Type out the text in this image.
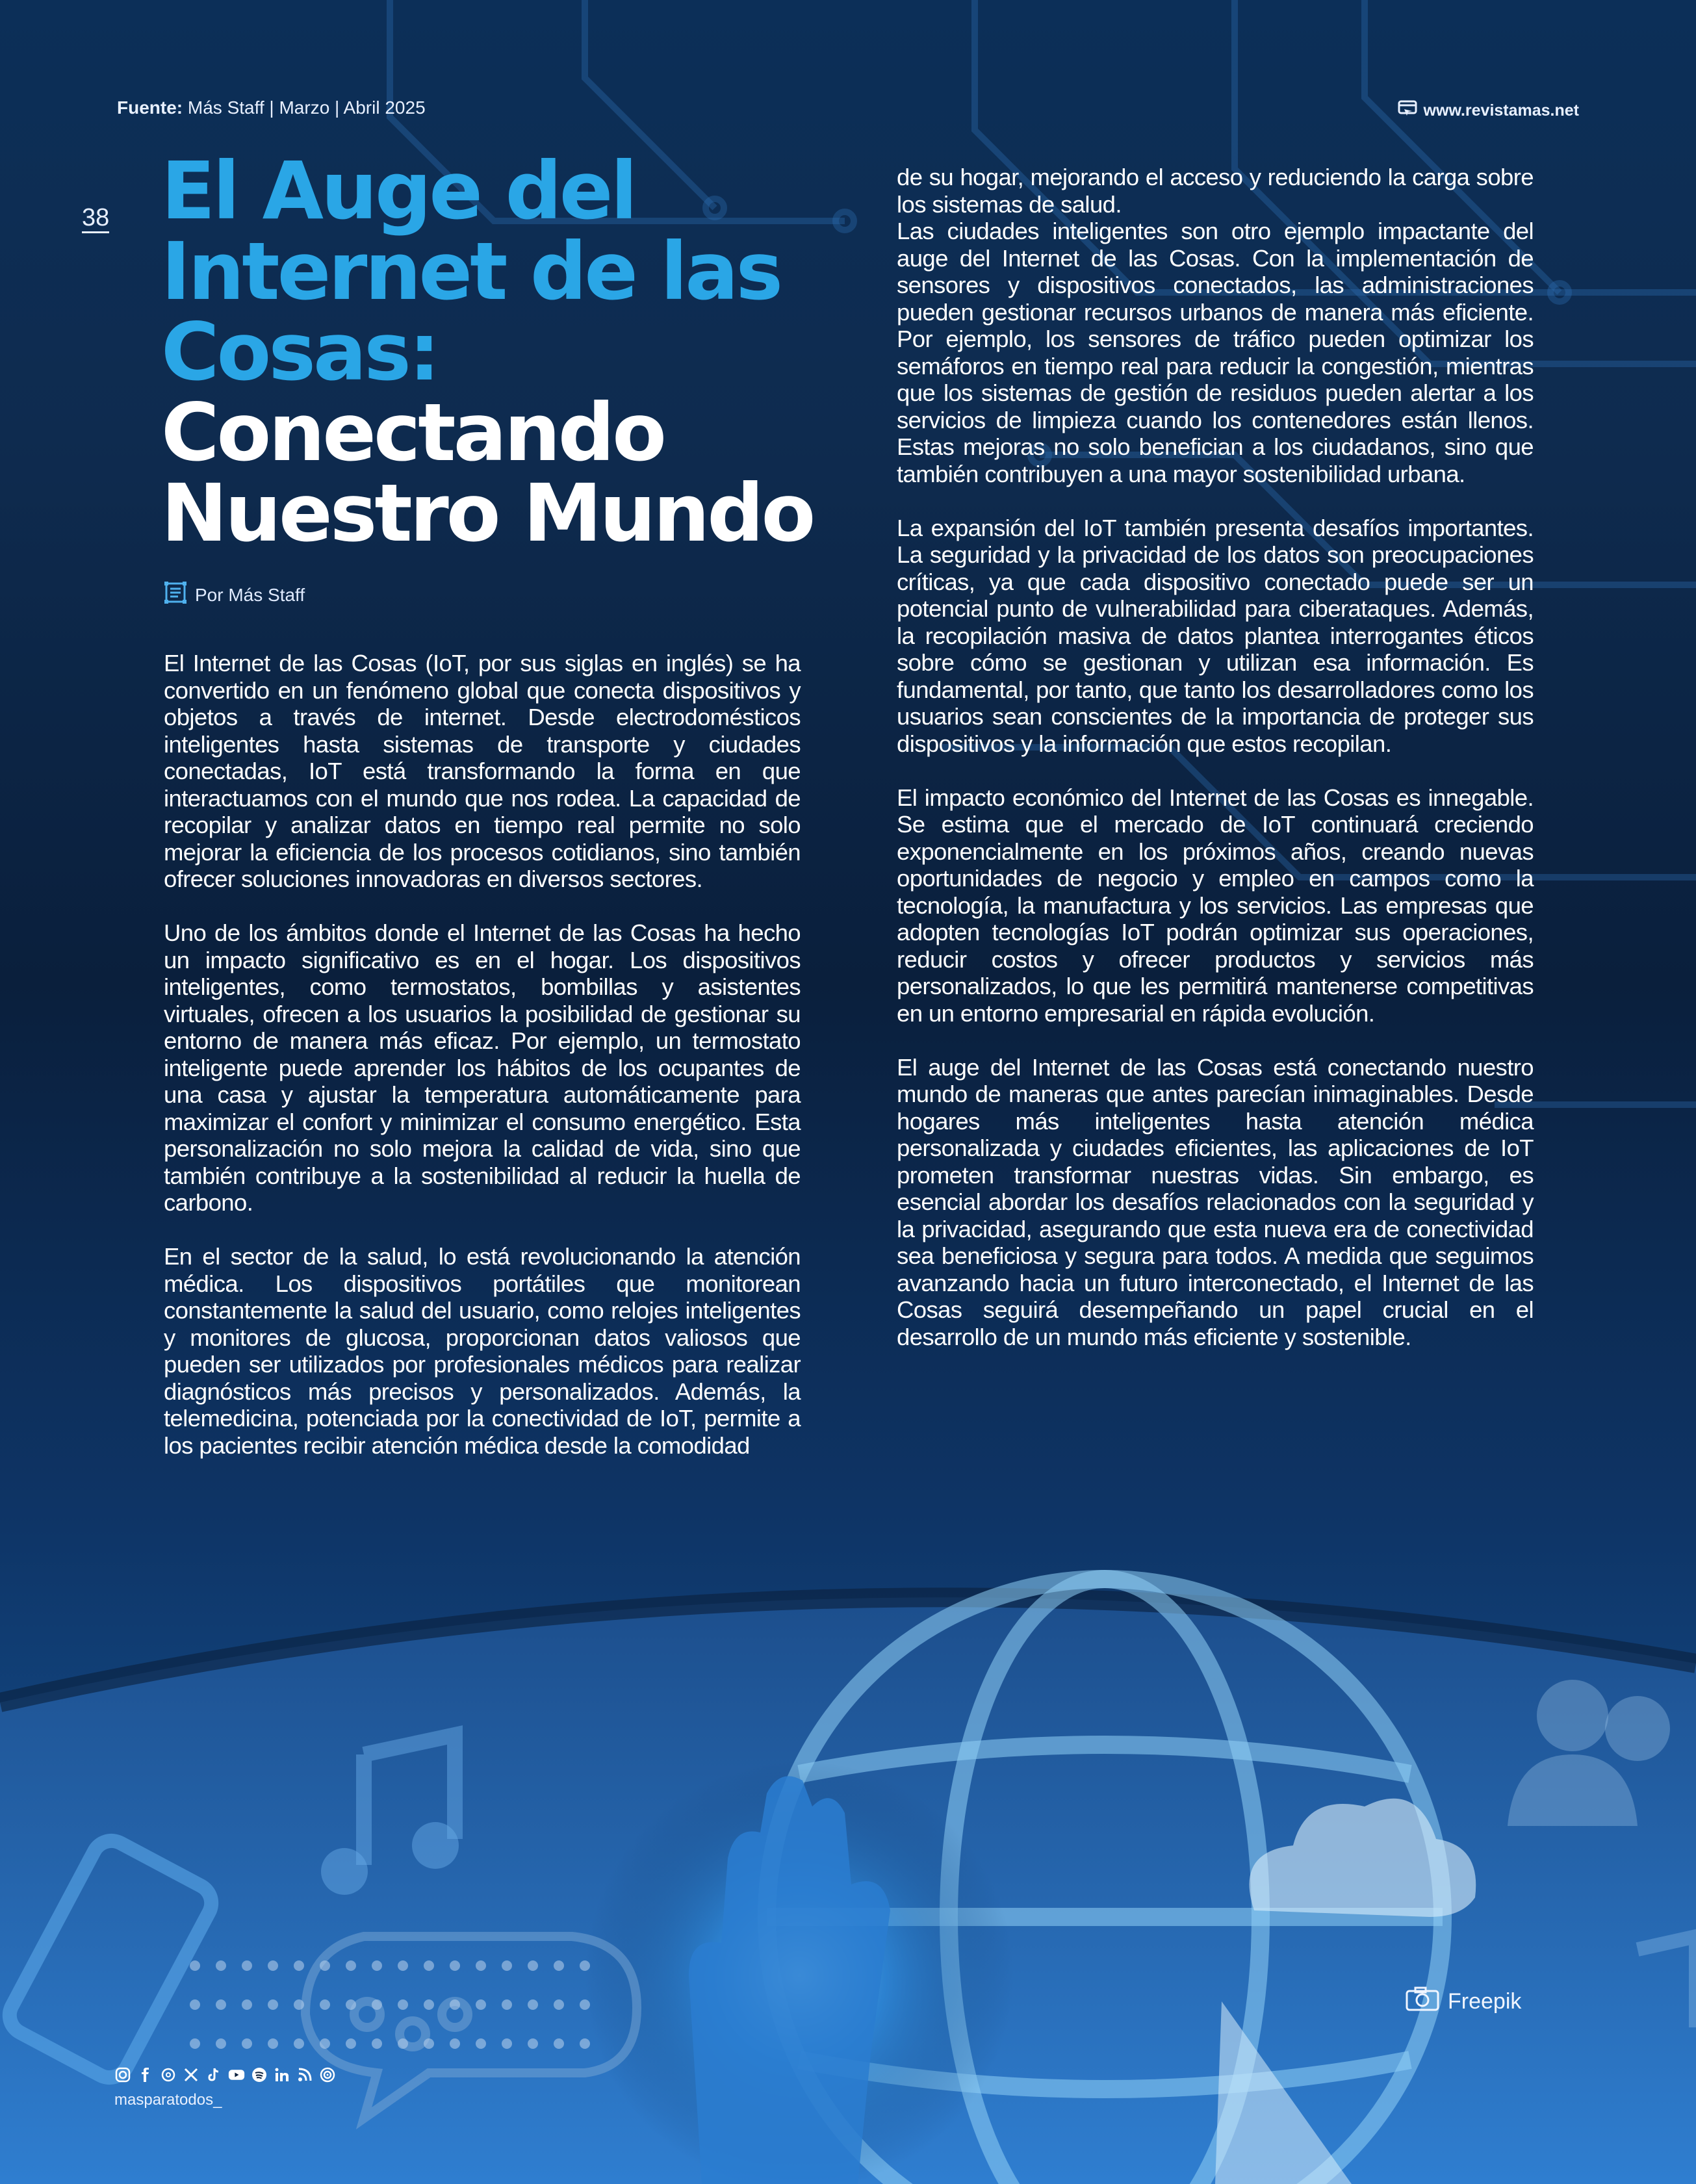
Fuente: Más Staff | Marzo | Abril 2025	www.revistamas.net
38 El Auge del
Internet de las
Cosas:
Conectando
Nuestro Mundo
Por Más Staff

El Internet de las Cosas (IoT, por sus siglas en inglés) se ha convertido en un fenómeno global que conecta dispositivos y objetos a través de internet. Desde electrodomésticos inteligentes hasta sistemas de transporte y ciudades conectadas, IoT está transformando la forma en que interactuamos con el mundo que nos rodea. La capacidad de recopilar y analizar datos en tiempo real permite no solo mejorar la eficiencia de los procesos cotidianos, sino también ofrecer soluciones innovadoras en diversos sectores.

Uno de los ámbitos donde el Internet de las Cosas ha hecho un impacto significativo es en el hogar. Los dispositivos inteligentes, como termostatos, bombillas y asistentes virtuales, ofrecen a los usuarios la posibilidad de gestionar su entorno de manera más eficaz. Por ejemplo, un termostato inteligente puede aprender los hábitos de los ocupantes de una casa y ajustar la temperatura automáticamente para maximizar el confort y minimizar el consumo energético. Esta personalización no solo mejora la calidad de vida, sino que también contribuye a la sostenibilidad al reducir la huella de carbono.

En el sector de la salud, lo está revolucionando la atención médica. Los dispositivos portátiles que monitorean constantemente la salud del usuario, como relojes inteligentes y monitores de glucosa, proporcionan datos valiosos que pueden ser utilizados por profesionales médicos para realizar diagnósticos más precisos y personalizados. Además, la telemedicina, potenciada por la conectividad de IoT, permite a los pacientes recibir atención médica desde la comodidad

de su hogar, mejorando el acceso y reduciendo la carga sobre los sistemas de salud.
Las ciudades inteligentes son otro ejemplo impactante del auge del Internet de las Cosas. Con la implementación de sensores y dispositivos conectados, las administraciones pueden gestionar recursos urbanos de manera más eficiente. Por ejemplo, los sensores de tráfico pueden optimizar los semáforos en tiempo real para reducir la congestión, mientras que los sistemas de gestión de residuos pueden alertar a los servicios de limpieza cuando los contenedores están llenos. Estas mejoras no solo benefician a los ciudadanos, sino que también contribuyen a una mayor sostenibilidad urbana.

La expansión del IoT también presenta desafíos importantes. La seguridad y la privacidad de los datos son preocupaciones críticas, ya que cada dispositivo conectado puede ser un potencial punto de vulnerabilidad para ciberataques. Además, la recopilación masiva de datos plantea interrogantes éticos sobre cómo se gestionan y utilizan esa información. Es fundamental, por tanto, que tanto los desarrolladores como los usuarios sean conscientes de la importancia de proteger sus dispositivos y la información que estos recopilan.

El impacto económico del Internet de las Cosas es innegable. Se estima que el mercado de IoT continuará creciendo exponencialmente en los próximos años, creando nuevas oportunidades de negocio y empleo en campos como la tecnología, la manufactura y los servicios. Las empresas que adopten tecnologías IoT podrán optimizar sus operaciones, reducir costos y ofrecer productos y servicios más personalizados, lo que les permitirá mantenerse competitivas en un entorno empresarial en rápida evolución.

El auge del Internet de las Cosas está conectando nuestro mundo de maneras que antes parecían inimaginables. Desde hogares más inteligentes hasta atención médica personalizada y ciudades eficientes, las aplicaciones de IoT prometen transformar nuestras vidas. Sin embargo, es esencial abordar los desafíos relacionados con la seguridad y la privacidad, asegurando que esta nueva era de conectividad sea beneficiosa y segura para todos. A medida que seguimos avanzando hacia un futuro interconectado, el Internet de las Cosas seguirá desempeñando un papel crucial en el desarrollo de un mundo más eficiente y sostenible.

Freepik
masparatodos_
